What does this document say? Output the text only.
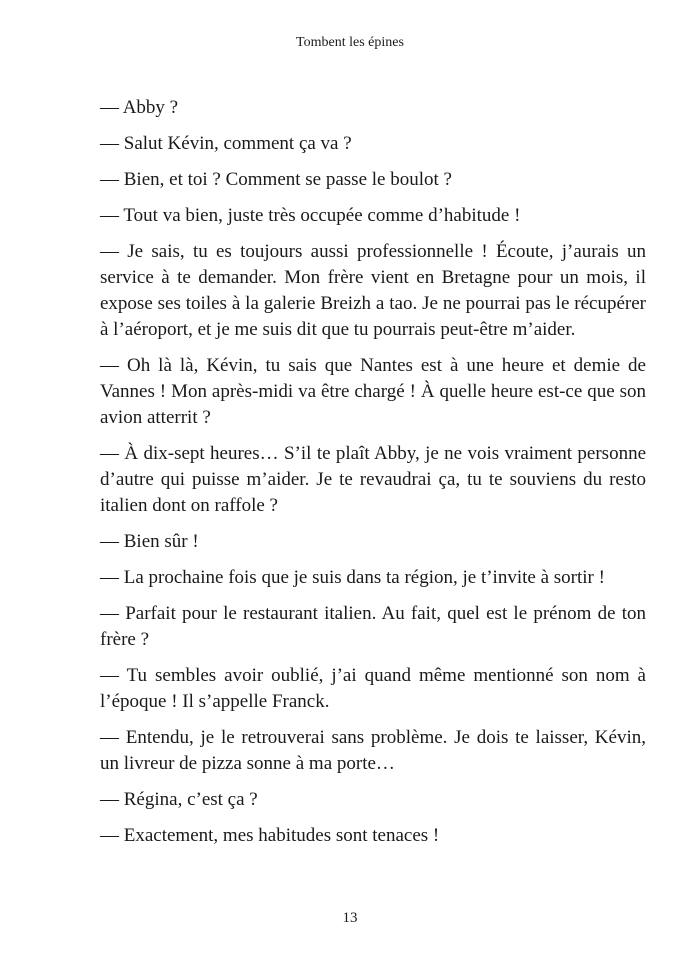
Tombent les épines

— Abby ?

— Salut Kévin, comment ça va ?

— Bien, et toi ? Comment se passe le boulot ?

— Tout va bien, juste très occupée comme d’habitude !

— Je sais, tu es toujours aussi professionnelle ! Écoute, j’aurais un service à te demander. Mon frère vient en Bretagne pour un mois, il expose ses toiles à la galerie Breizh a tao. Je ne pourrai pas le récupérer à l’aéroport, et je me suis dit que tu pourrais peut-être m’aider.

— Oh là là, Kévin, tu sais que Nantes est à une heure et demie de Vannes ! Mon après-midi va être chargé ! À quelle heure est-ce que son avion atterrit ?

— À dix-sept heures… S’il te plaît Abby, je ne vois vraiment personne d’autre qui puisse m’aider. Je te revaudrai ça, tu te souviens du resto italien dont on raffole ?

— Bien sûr !

— La prochaine fois que je suis dans ta région, je t’invite à sortir !

— Parfait pour le restaurant italien. Au fait, quel est le prénom de ton frère ?

— Tu sembles avoir oublié, j’ai quand même mentionné son nom à l’époque ! Il s’appelle Franck.

— Entendu, je le retrouverai sans problème. Je dois te laisser, Kévin, un livreur de pizza sonne à ma porte…

— Régina, c’est ça ?

— Exactement, mes habitudes sont tenaces !

13
